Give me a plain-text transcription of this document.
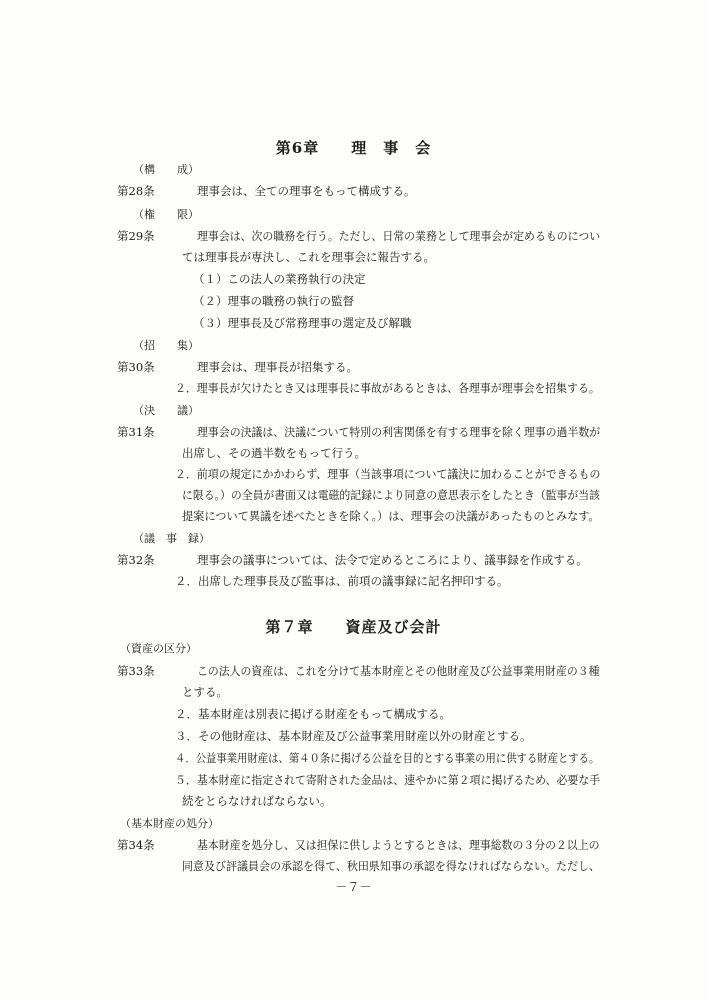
第6章　　理　事　会
（構　　成）
第28条	理事会は、全ての理事をもって構成する。
（権　　限）
第29条	理事会は、次の職務を行う。ただし、日常の業務として理事会が定めるものについ
ては理事長が専決し、これを理事会に報告する。
（１）この法人の業務執行の決定
（２）理事の職務の執行の監督
（３）理事長及び常務理事の選定及び解職
（招　　集）
第30条	理事会は、理事長が招集する。
２．理事長が欠けたとき又は理事長に事故があるときは、各理事が理事会を招集する。
（決　　議）
第31条	理事会の決議は、決議について特別の利害関係を有する理事を除く理事の過半数が
出席し、その過半数をもって行う。
２．前項の規定にかかわらず、理事（当該事項について議決に加わることができるもの
に限る。）の全員が書面又は電磁的記録により同意の意思表示をしたとき（監事が当該
提案について異議を述べたときを除く。）は、理事会の決議があったものとみなす。
（議　事　録）
第32条	理事会の議事については、法令で定めるところにより、議事録を作成する。
２．出席した理事長及び監事は、前項の議事録に記名押印する。
第７章　　資産及び会計
（資産の区分）
第33条	この法人の資産は、これを分けて基本財産とその他財産及び公益事業用財産の３種
とする。
２．基本財産は別表に掲げる財産をもって構成する。
３．その他財産は、基本財産及び公益事業用財産以外の財産とする。
４．公益事業用財産は、第４０条に掲げる公益を目的とする事業の用に供する財産とする。
５．基本財産に指定されて寄附された金品は、速やかに第２項に掲げるため、必要な手
続をとらなければならない。
（基本財産の処分）
第34条	基本財産を処分し、又は担保に供しようとするときは、理事総数の３分の２以上の
同意及び評議員会の承認を得て、秋田県知事の承認を得なければならない。ただし、
－７－
